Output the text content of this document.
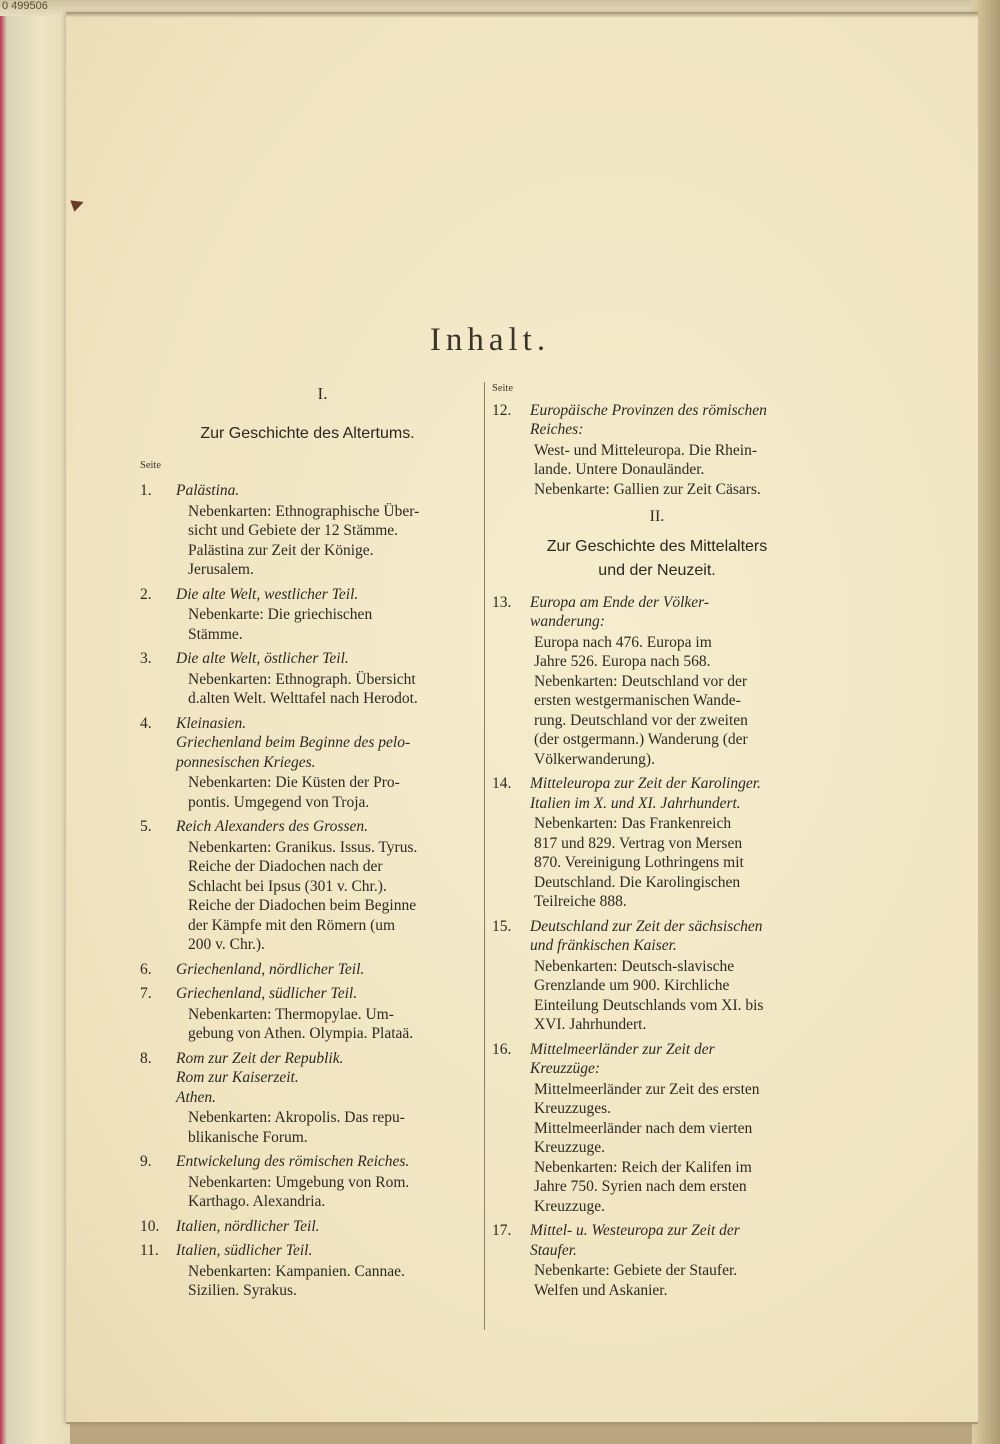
0 499506
Inhalt.
I.
Zur Geschichte des Altertums.
Seite
1. Palästina.
Nebenkarten: Ethnographische Über-
sicht und Gebiete der 12 Stämme.
Palästina zur Zeit der Könige.
Jerusalem.
2. Die alte Welt, westlicher Teil.
Nebenkarte: Die griechischen
Stämme.
3. Die alte Welt, östlicher Teil.
Nebenkarten: Ethnograph. Übersicht
d.alten Welt. Welttafel nach Herodot.
4. Kleinasien.
Griechenland beim Beginne des pelo-
ponnesischen Krieges.
Nebenkarten: Die Küsten der Pro-
pontis. Umgegend von Troja.
5. Reich Alexanders des Grossen.
Nebenkarten: Granikus. Issus. Tyrus.
Reiche der Diadochen nach der
Schlacht bei Ipsus (301 v. Chr.).
Reiche der Diadochen beim Beginne
der Kämpfe mit den Römern (um
200 v. Chr.).
6. Griechenland, nördlicher Teil.
7. Griechenland, südlicher Teil.
Nebenkarten: Thermopylae. Um-
gebung von Athen. Olympia. Plataä.
8. Rom zur Zeit der Republik.
Rom zur Kaiserzeit.
Athen.
Nebenkarten: Akropolis. Das repu-
blikanische Forum.
9. Entwickelung des römischen Reiches.
Nebenkarten: Umgebung von Rom.
Karthago. Alexandria.
10. Italien, nördlicher Teil.
11. Italien, südlicher Teil.
Nebenkarten: Kampanien. Cannae.
Sizilien. Syrakus.
Seite
12. Europäische Provinzen des römischen
Reiches:
West- und Mitteleuropa. Die Rhein-
lande. Untere Donauländer.
Nebenkarte: Gallien zur Zeit Cäsars.
II.
Zur Geschichte des Mittelalters
und der Neuzeit.
13. Europa am Ende der Völker-
wanderung:
Europa nach 476. Europa im
Jahre 526. Europa nach 568.
Nebenkarten: Deutschland vor der
ersten westgermanischen Wande-
rung. Deutschland vor der zweiten
(der ostgermann.) Wanderung (der
Völkerwanderung).
14. Mitteleuropa zur Zeit der Karolinger.
Italien im X. und XI. Jahrhundert.
Nebenkarten: Das Frankenreich
817 und 829. Vertrag von Mersen
870. Vereinigung Lothringens mit
Deutschland. Die Karolingischen
Teilreiche 888.
15. Deutschland zur Zeit der sächsischen
und fränkischen Kaiser.
Nebenkarten: Deutsch-slavische
Grenzlande um 900. Kirchliche
Einteilung Deutschlands vom XI. bis
XVI. Jahrhundert.
16. Mittelmeerländer zur Zeit der
Kreuzzüge:
Mittelmeerländer zur Zeit des ersten
Kreuzzuges.
Mittelmeerländer nach dem vierten
Kreuzzuge.
Nebenkarten: Reich der Kalifen im
Jahre 750. Syrien nach dem ersten
Kreuzzuge.
17. Mittel- u. Westeuropa zur Zeit der
Staufer.
Nebenkarte: Gebiete der Staufer.
Welfen und Askanier.
